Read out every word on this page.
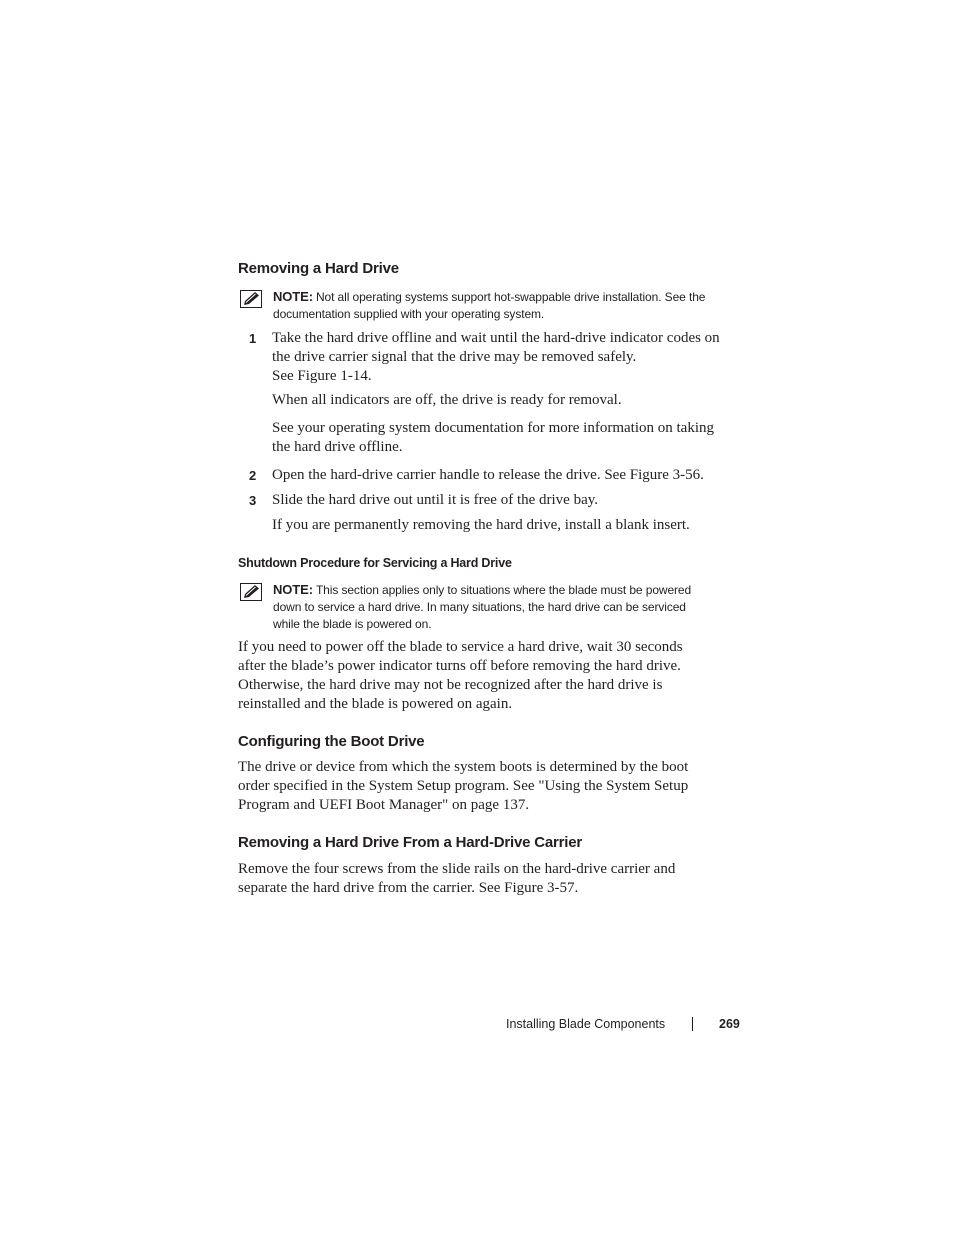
Removing a Hard Drive
NOTE: Not all operating systems support hot-swappable drive installation. See the
documentation supplied with your operating system.
1 Take the hard drive offline and wait until the hard-drive indicator codes on
the drive carrier signal that the drive may be removed safely.
See Figure 1-14.
When all indicators are off, the drive is ready for removal.
See your operating system documentation for more information on taking
the hard drive offline.
2 Open the hard-drive carrier handle to release the drive. See Figure 3-56.
3 Slide the hard drive out until it is free of the drive bay.
If you are permanently removing the hard drive, install a blank insert.
Shutdown Procedure for Servicing a Hard Drive
NOTE: This section applies only to situations where the blade must be powered
down to service a hard drive. In many situations, the hard drive can be serviced
while the blade is powered on.
If you need to power off the blade to service a hard drive, wait 30 seconds
after the blade’s power indicator turns off before removing the hard drive.
Otherwise, the hard drive may not be recognized after the hard drive is
reinstalled and the blade is powered on again.
Configuring the Boot Drive
The drive or device from which the system boots is determined by the boot
order specified in the System Setup program. See "Using the System Setup
Program and UEFI Boot Manager" on page 137.
Removing a Hard Drive From a Hard-Drive Carrier
Remove the four screws from the slide rails on the hard-drive carrier and
separate the hard drive from the carrier. See Figure 3-57.
Installing Blade Components	269
